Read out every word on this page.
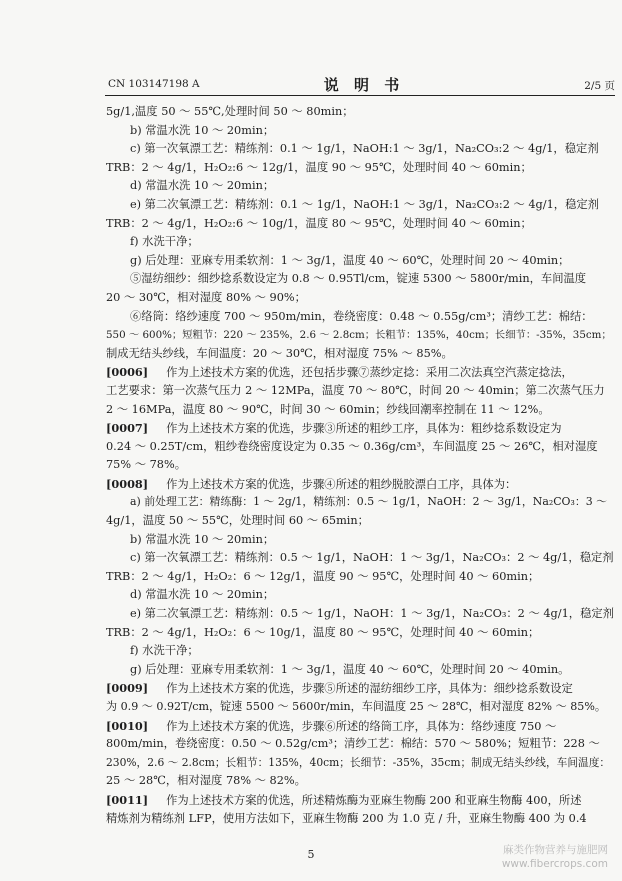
CN 103147198 A	说 明 书	2/5 页
5g/1,温度 50 ～ 55℃,处理时间 50 ～ 80min；
b) 常温水洗 10 ～ 20min；
c) 第一次氧漂工艺：精练剂：0.1 ～ 1g/1，NaOH:1 ～ 3g/1，Na₂CO₃:2 ～ 4g/1，稳定剂
TRB：2 ～ 4g/1，H₂O₂:6 ～ 12g/1，温度 90 ～ 95℃，处理时间 40 ～ 60min；
d) 常温水洗 10 ～ 20min；
e) 第二次氧漂工艺：精练剂：0.1 ～ 1g/1，NaOH:1 ～ 3g/1，Na₂CO₃:2 ～ 4g/1，稳定剂
TRB：2 ～ 4g/1，H₂O₂:6 ～ 10g/1，温度 80 ～ 95℃，处理时间 40 ～ 60min；
f) 水洗干净；
g) 后处理：亚麻专用柔软剂：1 ～ 3g/1，温度 40 ～ 60℃，处理时间 20 ～ 40min；
⑤湿纺细纱：细纱捻系数设定为 0.8 ～ 0.95Tl/cm，锭速 5300 ～ 5800r/min，车间温度
20 ～ 30℃，相对湿度 80% ～ 90%；
⑥络筒：络纱速度 700 ～ 950m/min，卷绕密度：0.48 ～ 0.55g/cm³；清纱工艺：棉结：
550 ～ 600%；短粗节：220 ～ 235%，2.6 ～ 2.8cm；长粗节：135%，40cm；长细节：-35%，35cm；
制成无结头纱线，车间温度：20 ～ 30℃，相对湿度 75% ～ 85%。
[0006] 作为上述技术方案的优选，还包括步骤⑦蒸纱定捻：采用二次法真空汽蒸定捻法，
工艺要求：第一次蒸气压力 2 ～ 12MPa，温度 70 ～ 80℃，时间 20 ～ 40min；第二次蒸气压力
2 ～ 16MPa，温度 80 ～ 90℃，时间 30 ～ 60min；纱线回潮率控制在 11 ～ 12%。
[0007] 作为上述技术方案的优选，步骤③所述的粗纱工序，具体为：粗纱捻系数设定为
0.24 ～ 0.25T/cm，粗纱卷绕密度设定为 0.35 ～ 0.36g/cm³，车间温度 25 ～ 26℃，相对湿度
75% ～ 78%。
[0008] 作为上述技术方案的优选，步骤④所述的粗纱脱胶漂白工序，具体为：
a) 前处理工艺：精练酶：1 ～ 2g/1，精练剂：0.5 ～ 1g/1，NaOH：2 ～ 3g/1，Na₂CO₃：3 ～
4g/1，温度 50 ～ 55℃，处理时间 60 ～ 65min；
b) 常温水洗 10 ～ 20min；
c) 第一次氧漂工艺：精练剂：0.5 ～ 1g/1，NaOH：1 ～ 3g/1，Na₂CO₃：2 ～ 4g/1，稳定剂
TRB：2 ～ 4g/1，H₂O₂：6 ～ 12g/1，温度 90 ～ 95℃，处理时间 40 ～ 60min；
d) 常温水洗 10 ～ 20min；
e) 第二次氧漂工艺：精练剂：0.5 ～ 1g/1，NaOH：1 ～ 3g/1，Na₂CO₃：2 ～ 4g/1，稳定剂
TRB：2 ～ 4g/1，H₂O₂：6 ～ 10g/1，温度 80 ～ 95℃，处理时间 40 ～ 60min；
f) 水洗干净；
g) 后处理：亚麻专用柔软剂：1 ～ 3g/1，温度 40 ～ 60℃，处理时间 20 ～ 40min。
[0009] 作为上述技术方案的优选，步骤⑤所述的湿纺细纱工序，具体为：细纱捻系数设定
为 0.9 ～ 0.92T/cm，锭速 5500 ～ 5600r/min，车间温度 25 ～ 28℃，相对湿度 82% ～ 85%。
[0010] 作为上述技术方案的优选，步骤⑥所述的络筒工序，具体为：络纱速度 750 ～
800m/min，卷绕密度：0.50 ～ 0.52g/cm³；清纱工艺：棉结：570 ～ 580%；短粗节：228 ～
230%，2.6 ～ 2.8cm；长粗节：135%，40cm；长细节：-35%，35cm；制成无结头纱线，车间温度：
25 ～ 28℃，相对湿度 78% ～ 82%。
[0011] 作为上述技术方案的优选，所述精炼酶为亚麻生物酶 200 和亚麻生物酶 400，所述
精炼剂为精练剂 LFP，使用方法如下，亚麻生物酶 200 为 1.0 克 / 升，亚麻生物酶 400 为 0.4
5	麻类作物营养与施肥网
www.fibercrops.com
